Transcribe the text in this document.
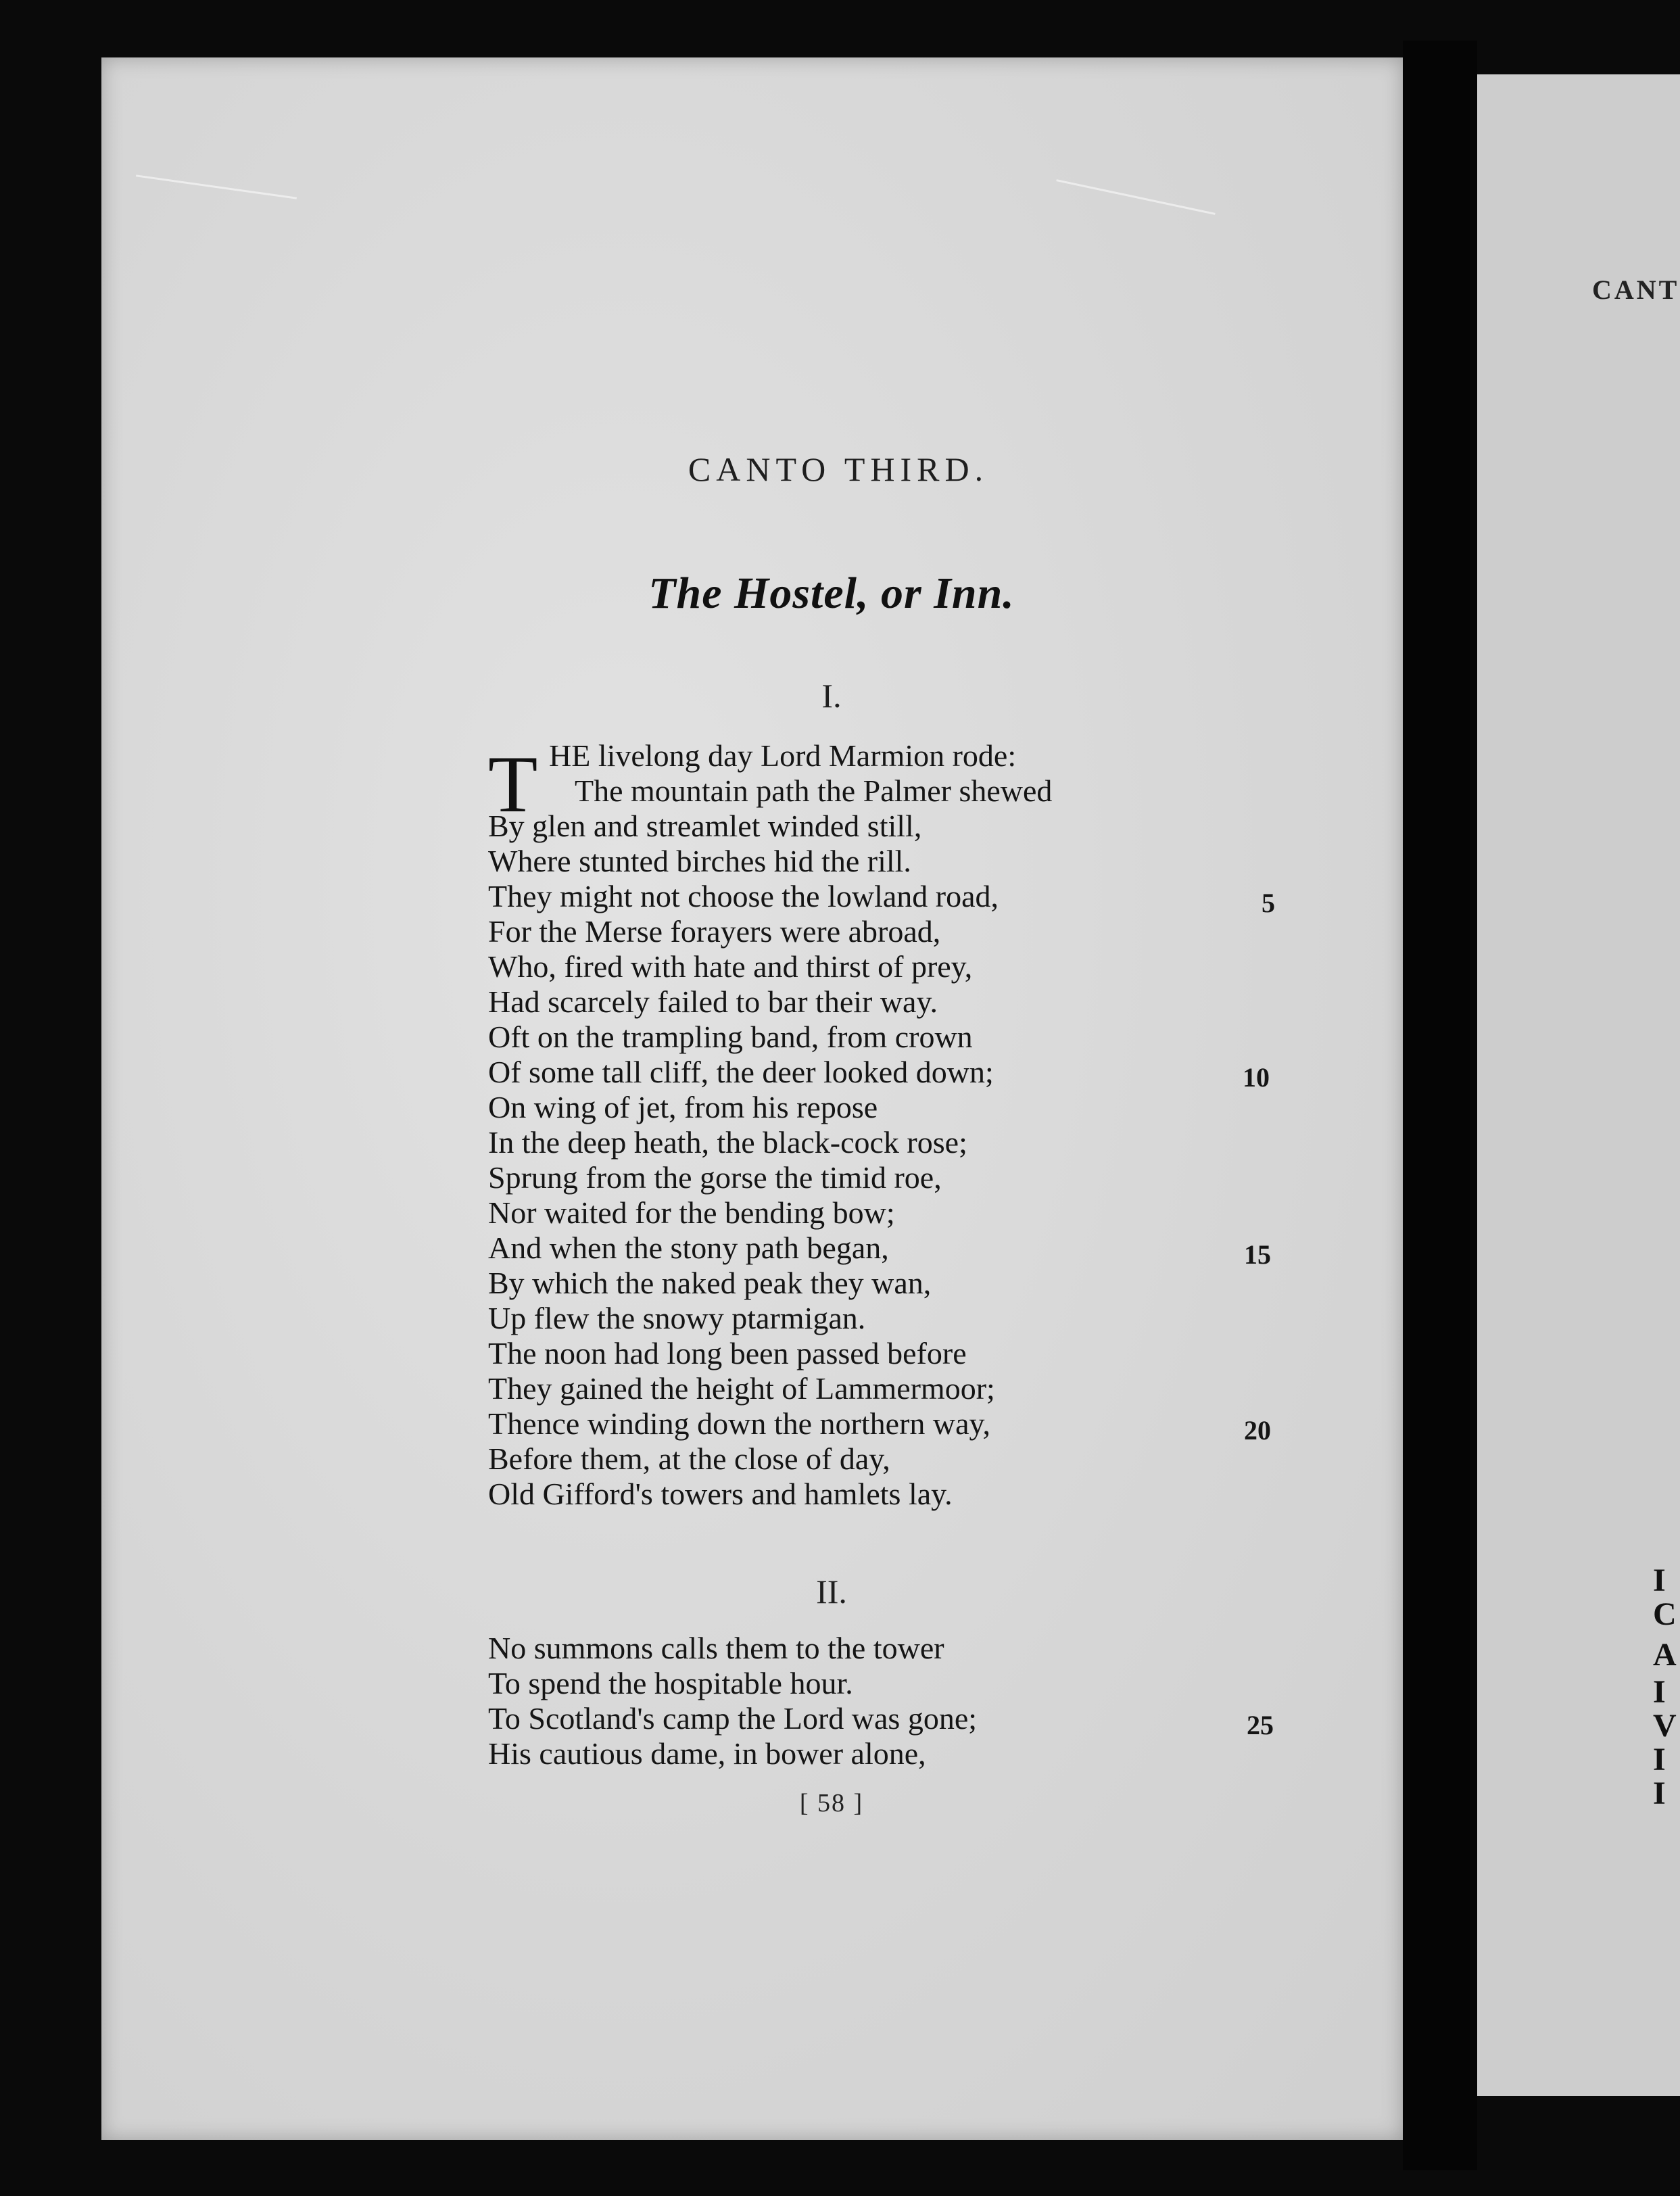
CANT
I
C
A
I
V
I
I
CANTO THIRD.
The Hostel, or Inn.
I.
T HE livelong day Lord Marmion rode:
The mountain path the Palmer shewed
By glen and streamlet winded still,
Where stunted birches hid the rill.
They might not choose the lowland road,
For the Merse forayers were abroad,
Who, fired with hate and thirst of prey,
Had scarcely failed to bar their way.
Oft on the trampling band, from crown
Of some tall cliff, the deer looked down;
On wing of jet, from his repose
In the deep heath, the black-cock rose;
Sprung from the gorse the timid roe,
Nor waited for the bending bow;
And when the stony path began,
By which the naked peak they wan,
Up flew the snowy ptarmigan.
The noon had long been passed before
They gained the height of Lammermoor;
Thence winding down the northern way,
Before them, at the close of day,
Old Gifford's towers and hamlets lay.
5
10
15
20
II.
No summons calls them to the tower
To spend the hospitable hour.
To Scotland's camp the Lord was gone;
His cautious dame, in bower alone,
25
[ 58 ]
